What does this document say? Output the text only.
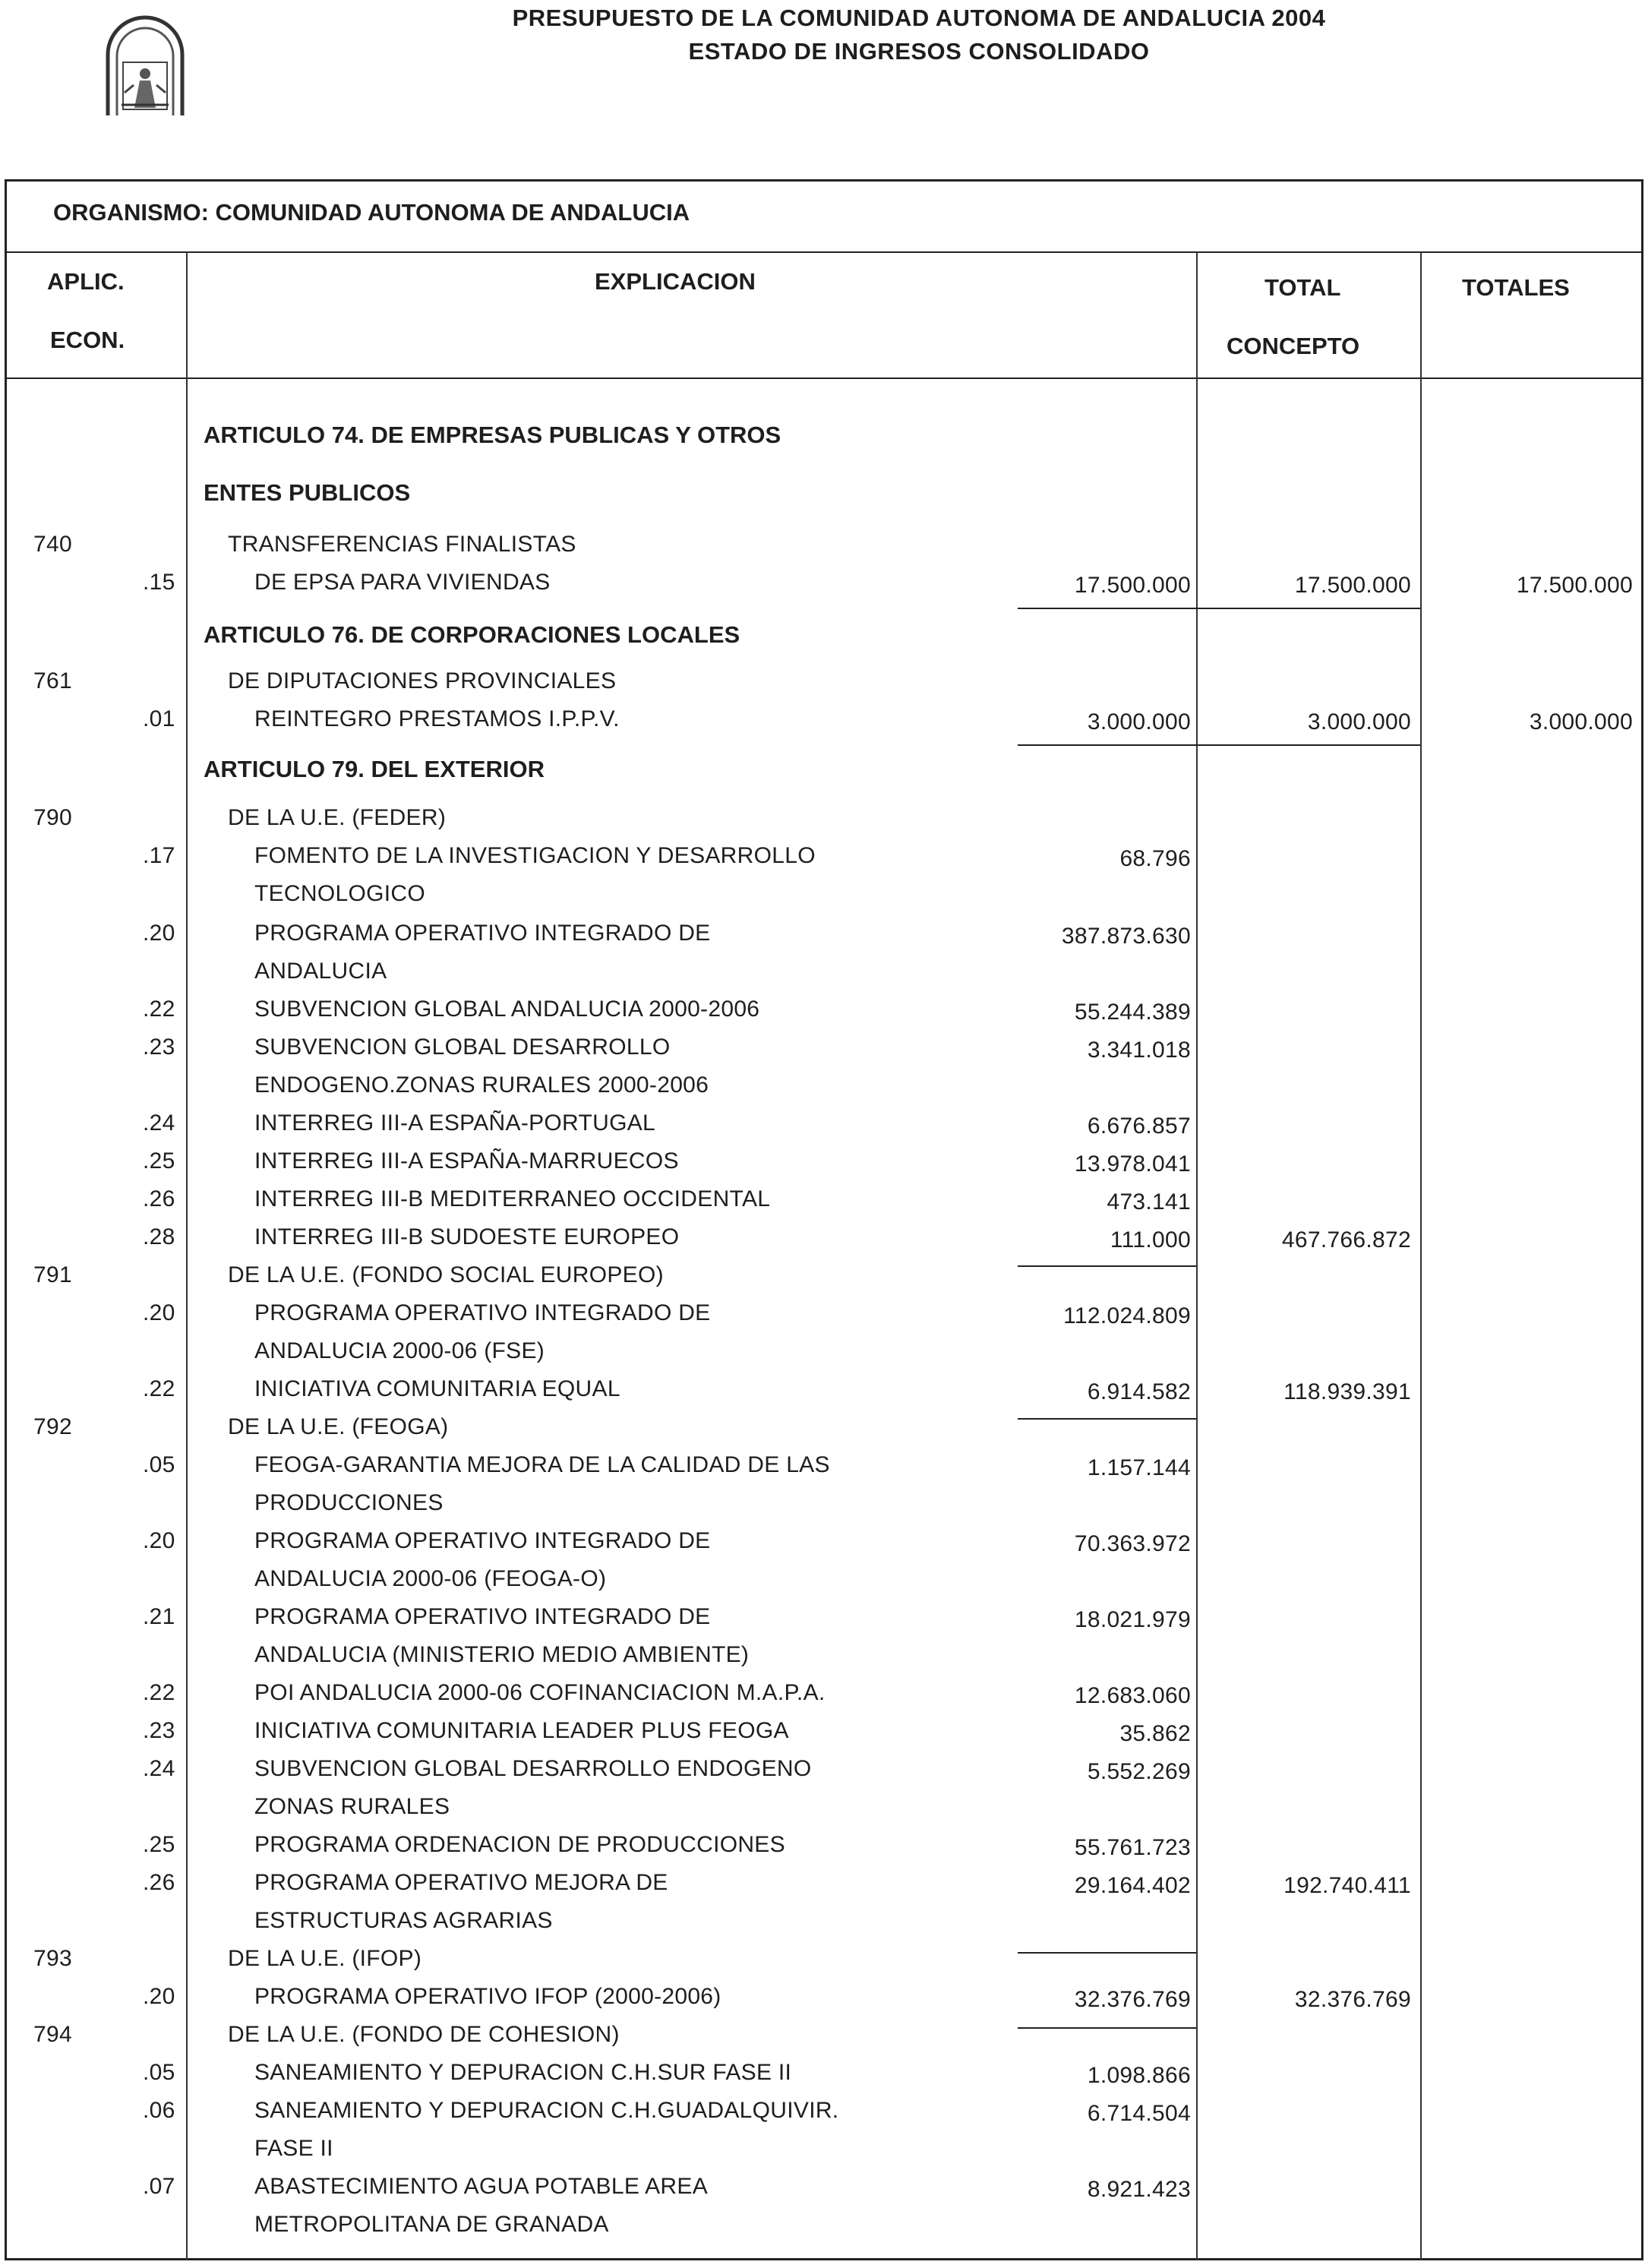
PRESUPUESTO DE LA COMUNIDAD AUTONOMA DE ANDALUCIA 2004
ESTADO DE INGRESOS CONSOLIDADO
ORGANISMO: COMUNIDAD AUTONOMA DE ANDALUCIA
APLIC.
ECON.
EXPLICACION	TOTAL
CONCEPTO
TOTALES
ARTICULO 74. DE EMPRESAS PUBLICAS Y OTROS
ENTES PUBLICOS
740	TRANSFERENCIAS FINALISTAS
.15	DE EPSA PARA VIVIENDAS	17.500.000	17.500.000	17.500.000
ARTICULO 76. DE CORPORACIONES LOCALES
761	DE DIPUTACIONES PROVINCIALES
.01	REINTEGRO PRESTAMOS I.P.P.V.	3.000.000	3.000.000	3.000.000
ARTICULO 79. DEL EXTERIOR
790	DE LA U.E. (FEDER)
.17	FOMENTO DE LA INVESTIGACION Y DESARROLLO	68.796
TECNOLOGICO
.20	PROGRAMA OPERATIVO INTEGRADO DE	387.873.630
ANDALUCIA
.22	SUBVENCION GLOBAL ANDALUCIA 2000-2006	55.244.389
.23	SUBVENCION GLOBAL DESARROLLO	3.341.018
ENDOGENO.ZONAS RURALES 2000-2006
.24	INTERREG III-A ESPAÑA-PORTUGAL	6.676.857
.25	INTERREG III-A ESPAÑA-MARRUECOS	13.978.041
.26	INTERREG III-B MEDITERRANEO OCCIDENTAL	473.141
.28	INTERREG III-B SUDOESTE EUROPEO	111.000	467.766.872
791	DE LA U.E. (FONDO SOCIAL EUROPEO)
.20	PROGRAMA OPERATIVO INTEGRADO DE	112.024.809
ANDALUCIA 2000-06 (FSE)
.22	INICIATIVA COMUNITARIA EQUAL	6.914.582	118.939.391
792	DE LA U.E. (FEOGA)
.05	FEOGA-GARANTIA MEJORA DE LA CALIDAD DE LAS	1.157.144
PRODUCCIONES
.20	PROGRAMA OPERATIVO INTEGRADO DE	70.363.972
ANDALUCIA 2000-06 (FEOGA-O)
.21	PROGRAMA OPERATIVO INTEGRADO DE	18.021.979
ANDALUCIA (MINISTERIO MEDIO AMBIENTE)
.22	POI ANDALUCIA 2000-06 COFINANCIACION M.A.P.A.	12.683.060
.23	INICIATIVA COMUNITARIA LEADER PLUS FEOGA	35.862
.24	SUBVENCION GLOBAL DESARROLLO ENDOGENO	5.552.269
ZONAS RURALES
.25	PROGRAMA ORDENACION DE PRODUCCIONES	55.761.723
.26	PROGRAMA OPERATIVO MEJORA DE	29.164.402	192.740.411
ESTRUCTURAS AGRARIAS
793	DE LA U.E. (IFOP)
.20	PROGRAMA OPERATIVO IFOP (2000-2006)	32.376.769	32.376.769
794	DE LA U.E. (FONDO DE COHESION)
.05	SANEAMIENTO Y DEPURACION C.H.SUR FASE II	1.098.866
.06	SANEAMIENTO Y DEPURACION C.H.GUADALQUIVIR.	6.714.504
FASE II
.07	ABASTECIMIENTO AGUA POTABLE AREA	8.921.423
METROPOLITANA DE GRANADA
